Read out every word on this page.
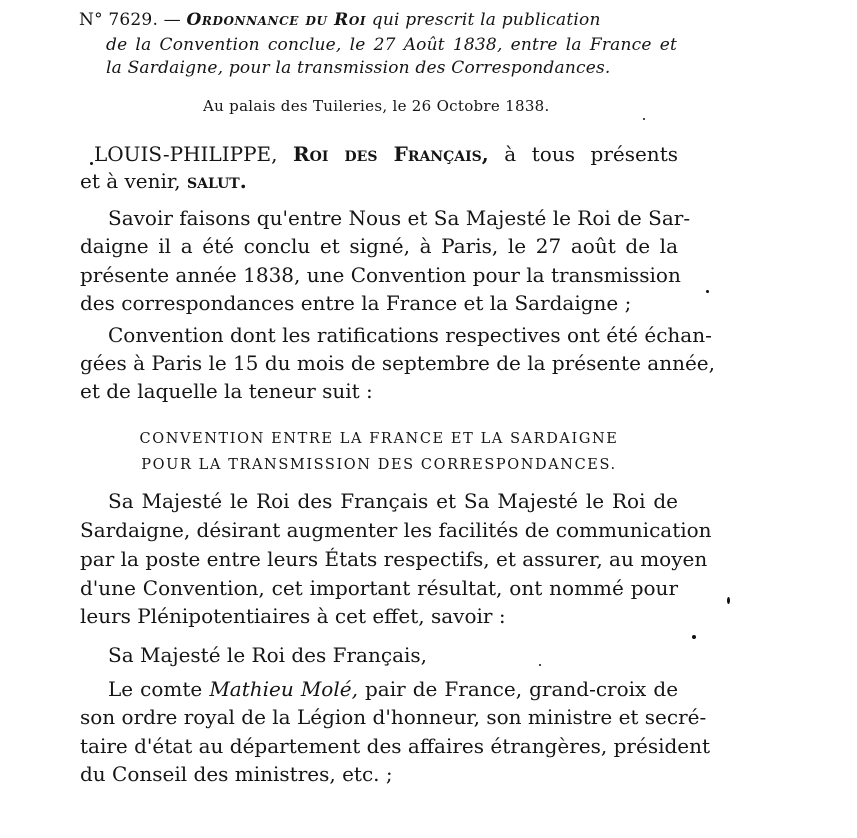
N° 7629. — Ordonnance du Roi qui prescrit la publication
de la Convention conclue, le 27 Août 1838, entre la France et
la Sardaigne, pour la transmission des Correspondances.
Au palais des Tuileries, le 26 Octobre 1838.
LOUIS-PHILIPPE, Roi des Français, à tous présents
et à venir, salut.
Savoir faisons qu'entre Nous et Sa Majesté le Roi de Sar-
daigne il a été conclu et signé, à Paris, le 27 août de la
présente année 1838, une Convention pour la transmission
des correspondances entre la France et la Sardaigne ;
Convention dont les ratifications respectives ont été échan-
gées à Paris le 15 du mois de septembre de la présente année,
et de laquelle la teneur suit :
CONVENTION ENTRE LA FRANCE ET LA SARDAIGNE
POUR LA TRANSMISSION DES CORRESPONDANCES.
Sa Majesté le Roi des Français et Sa Majesté le Roi de
Sardaigne, désirant augmenter les facilités de communication
par la poste entre leurs États respectifs, et assurer, au moyen
d'une Convention, cet important résultat, ont nommé pour
leurs Plénipotentiaires à cet effet, savoir :
Sa Majesté le Roi des Français,
Le comte Mathieu Molé, pair de France, grand-croix de
son ordre royal de la Légion d'honneur, son ministre et secré-
taire d'état au département des affaires étrangères, président
du Conseil des ministres, etc. ;
